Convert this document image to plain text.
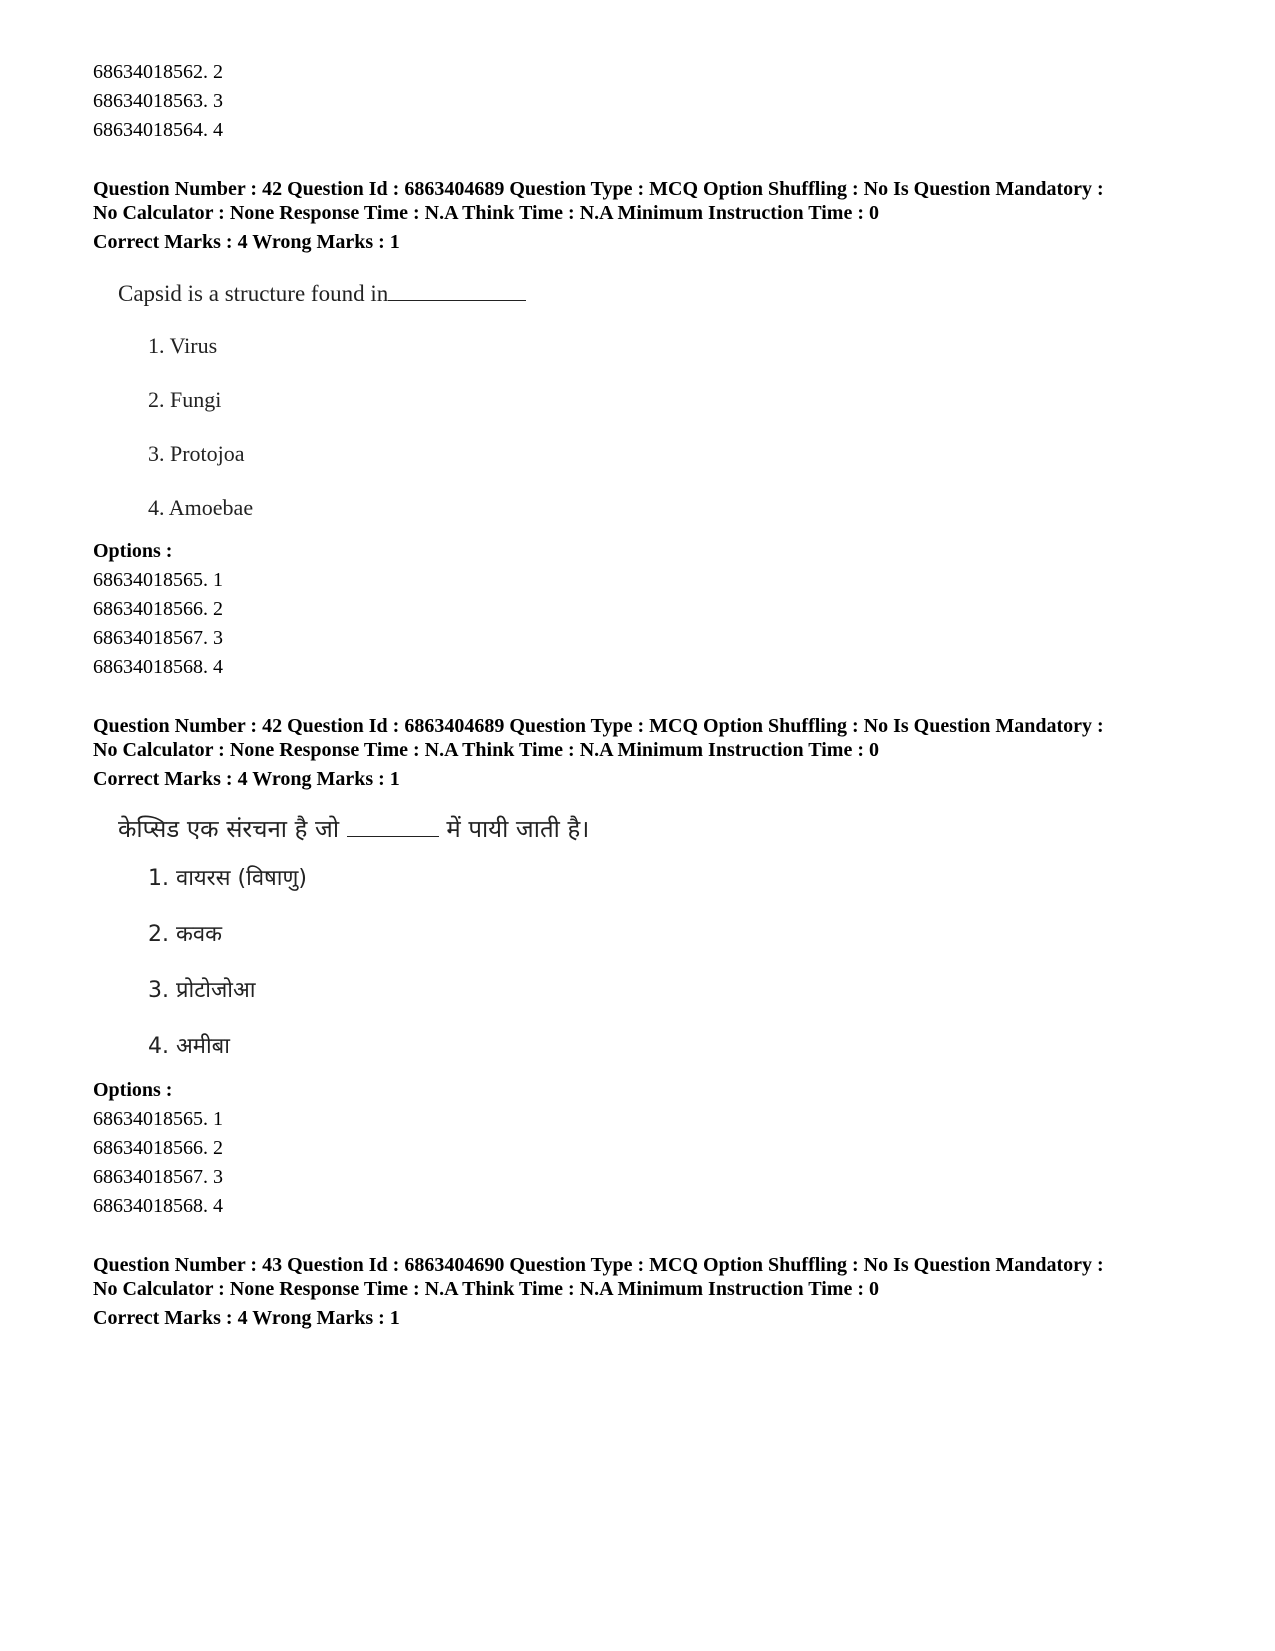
68634018562. 2
68634018563. 3
68634018564. 4
Question Number : 42 Question Id : 6863404689 Question Type : MCQ Option Shuffling : No Is Question Mandatory :
No Calculator : None Response Time : N.A Think Time : N.A Minimum Instruction Time : 0
Correct Marks : 4 Wrong Marks : 1
Capsid is a structure found in
1. Virus
2. Fungi
3. Protojoa
4. Amoebae
Options :
68634018565. 1
68634018566. 2
68634018567. 3
68634018568. 4
Question Number : 42 Question Id : 6863404689 Question Type : MCQ Option Shuffling : No Is Question Mandatory :
No Calculator : None Response Time : N.A Think Time : N.A Minimum Instruction Time : 0
Correct Marks : 4 Wrong Marks : 1
केप्सिड एक संरचना है जो	में पायी जाती है।
1. वायरस (विषाणु)
2. कवक
3. प्रोटोजोआ
4. अमीबा
Options :
68634018565. 1
68634018566. 2
68634018567. 3
68634018568. 4
Question Number : 43 Question Id : 6863404690 Question Type : MCQ Option Shuffling : No Is Question Mandatory :
No Calculator : None Response Time : N.A Think Time : N.A Minimum Instruction Time : 0
Correct Marks : 4 Wrong Marks : 1
